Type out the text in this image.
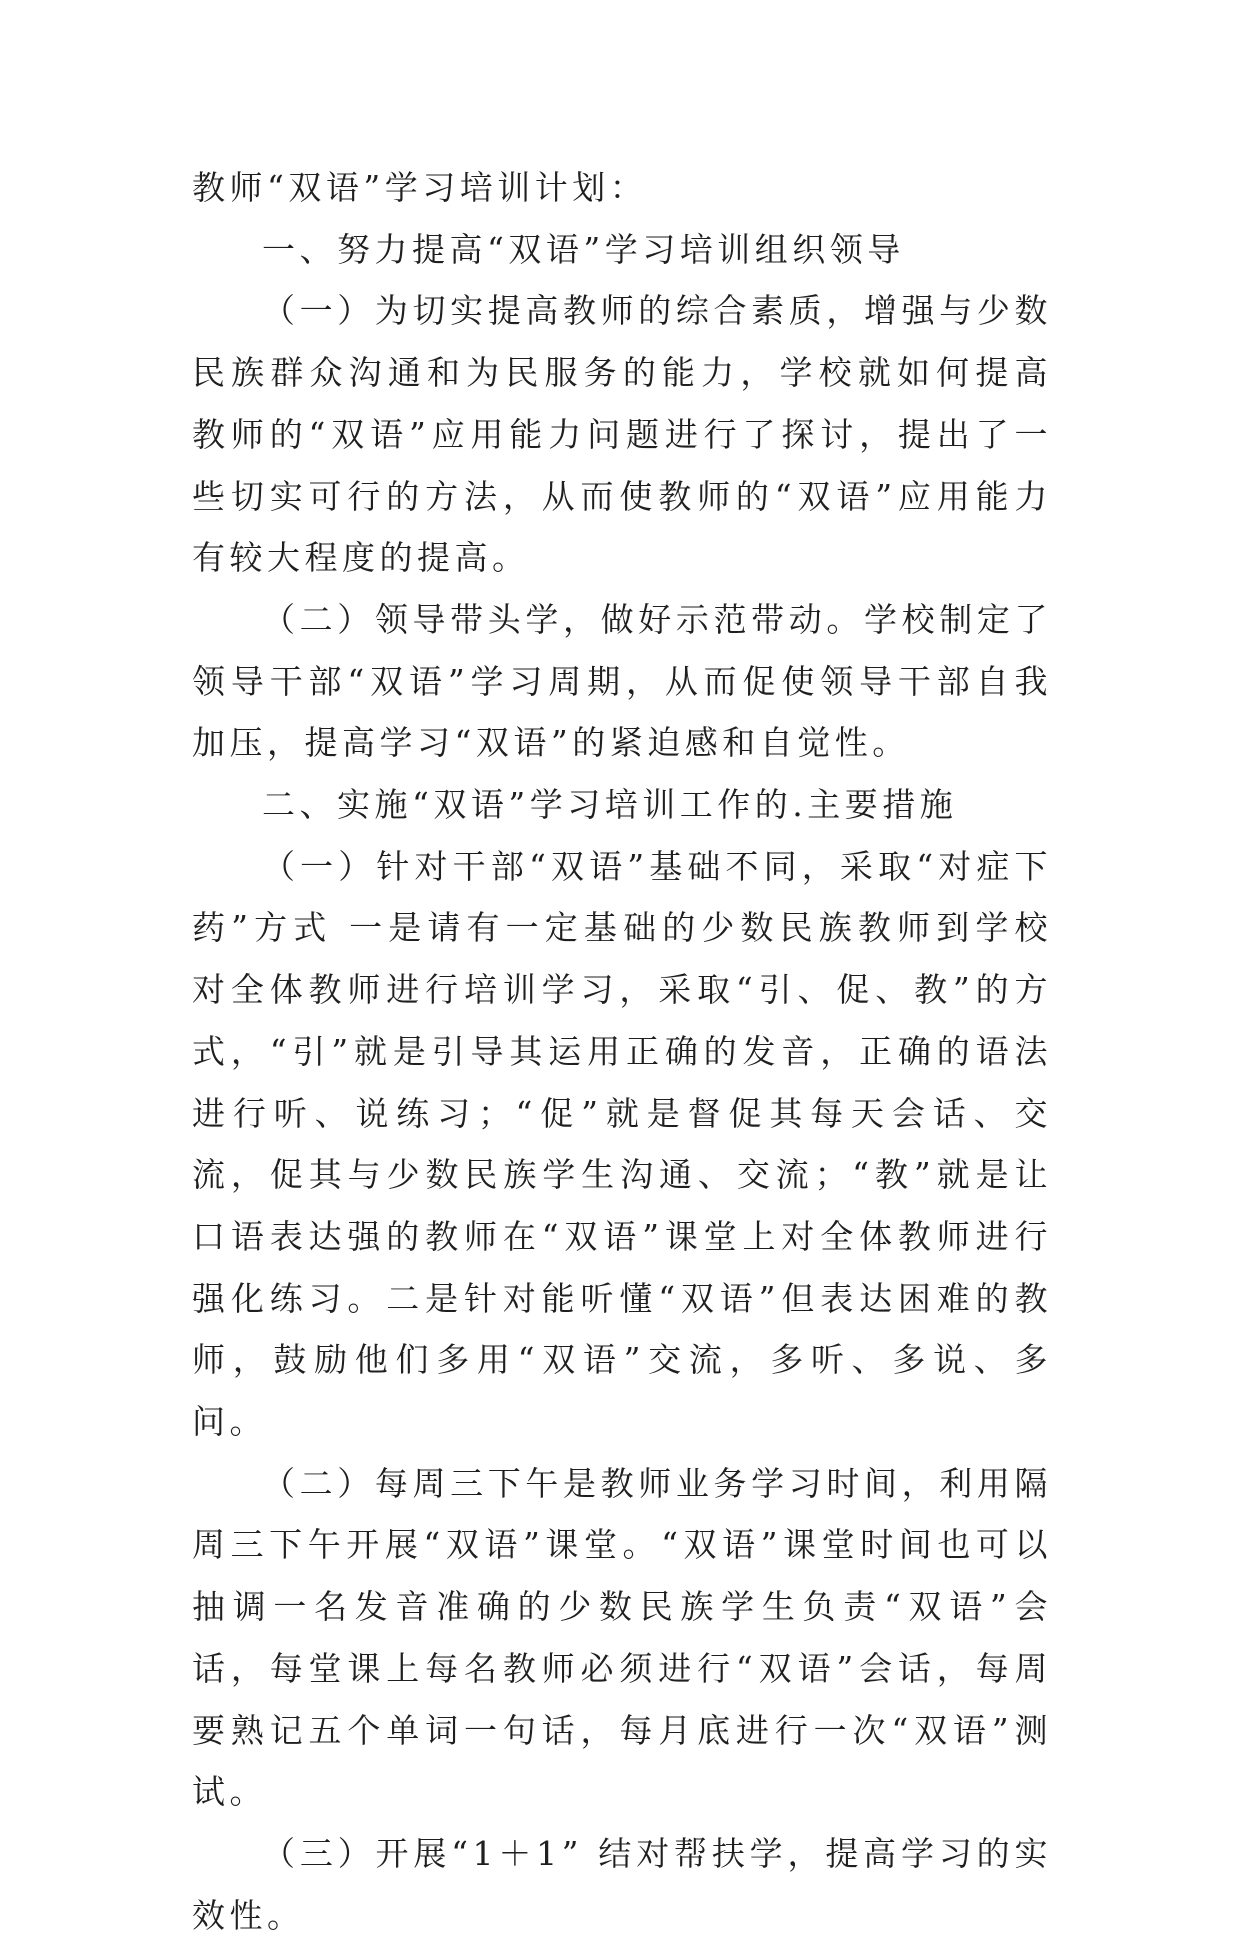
教师“双语”学习培训计划：

一、努力提高“双语”学习培训组织领导

（一）为切实提高教师的综合素质，增强与少数民族群众沟通和为民服务的能力，学校就如何提高教师的“双语”应用能力问题进行了探讨，提出了一些切实可行的方法，从而使教师的“双语”应用能力有较大程度的提高。

（二）领导带头学，做好示范带动。学校制定了领导干部“双语”学习周期，从而促使领导干部自我加压，提高学习“双语”的紧迫感和自觉性。

二、实施“双语”学习培训工作的.主要措施

（一）针对干部“双语”基础不同，采取“对症下药”方式 一是请有一定基础的少数民族教师到学校对全体教师进行培训学习，采取“引、促、教”的方式，“引”就是引导其运用正确的发音，正确的语法进行听、说练习；“促”就是督促其每天会话、交流，促其与少数民族学生沟通、交流；“教”就是让口语表达强的教师在“双语”课堂上对全体教师进行强化练习。二是针对能听懂“双语”但表达困难的教师，鼓励他们多用“双语”交流，多听、多说、多问。

（二）每周三下午是教师业务学习时间，利用隔周三下午开展“双语”课堂。“双语”课堂时间也可以抽调一名发音准确的少数民族学生负责“双语”会话，每堂课上每名教师必须进行“双语”会话，每周要熟记五个单词一句话，每月底进行一次“双语”测试。

（三）开展“1＋1” 结对帮扶学，提高学习的实效性。
